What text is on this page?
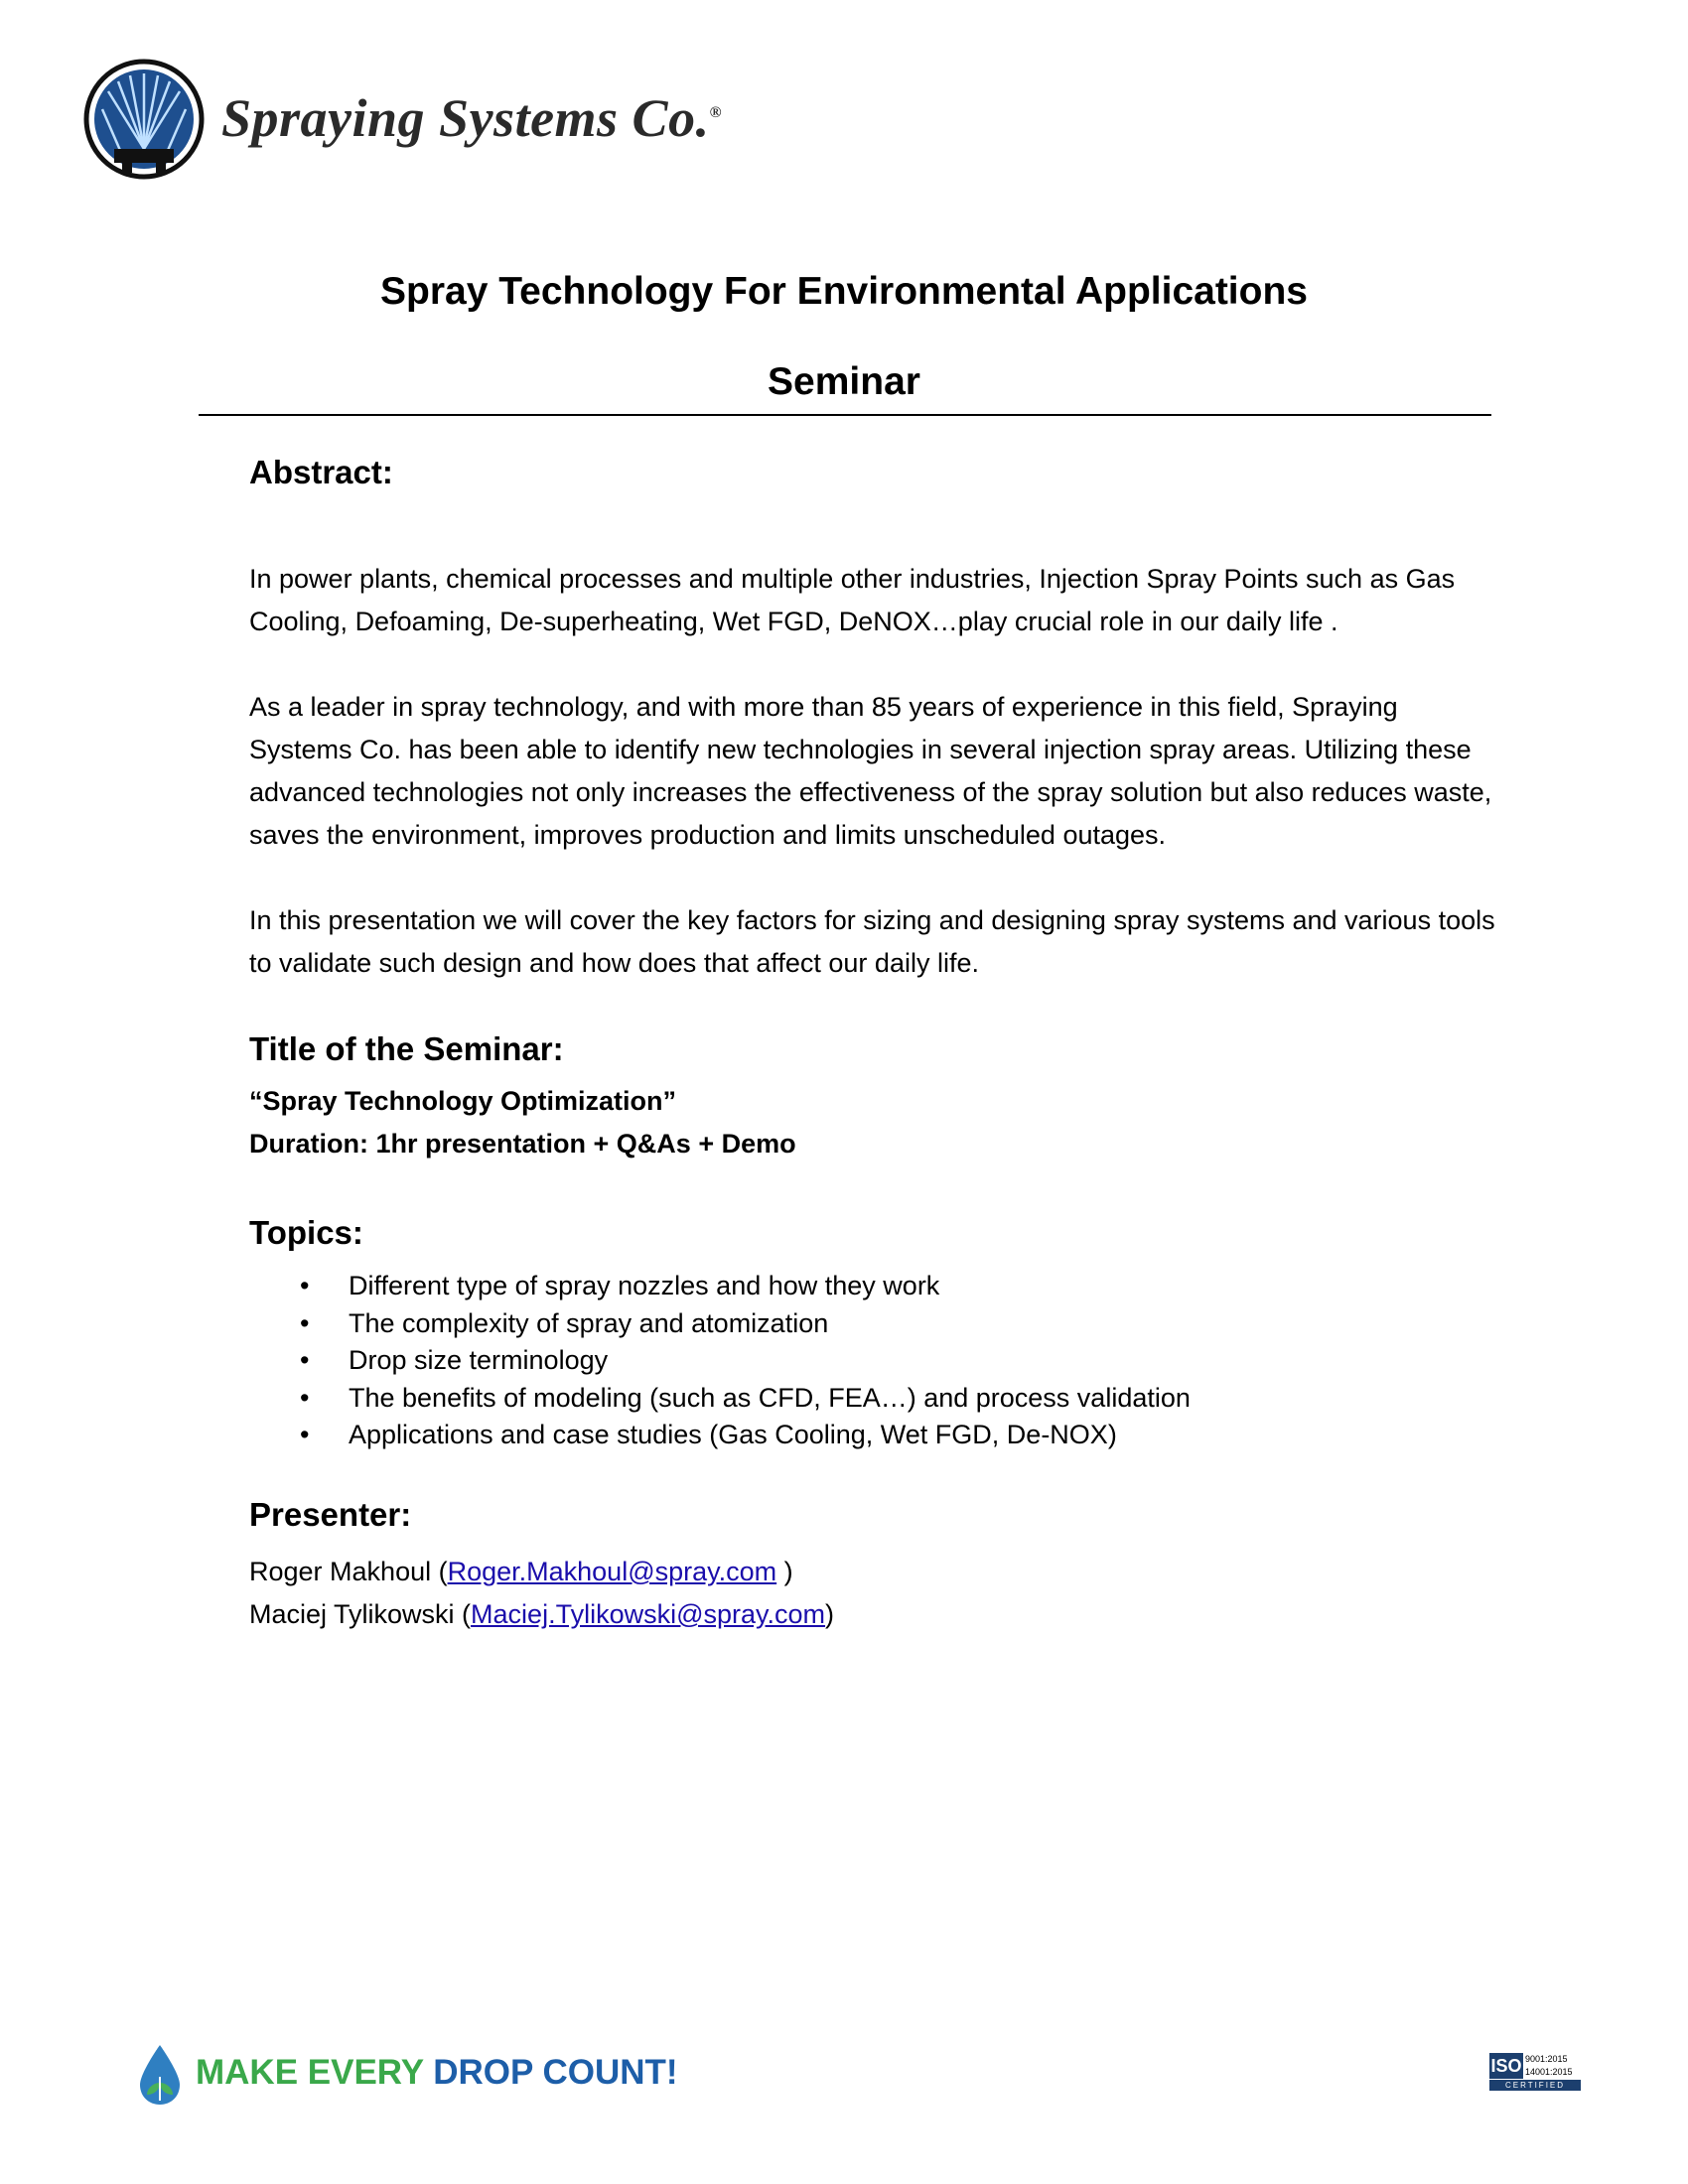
Spraying Systems Co.®
Spray Technology For Environmental Applications
Seminar
Abstract:
In power plants, chemical processes and multiple other industries, Injection Spray Points such as Gas Cooling, Defoaming, De-superheating, Wet FGD, DeNOX…play crucial role in our daily life .
As a leader in spray technology, and with more than 85 years of experience in this field, Spraying Systems Co. has been able to identify new technologies in several injection spray areas. Utilizing these advanced technologies not only increases the effectiveness of the spray solution but also reduces waste, saves the environment, improves production and limits unscheduled outages.
In this presentation we will cover the key factors for sizing and designing spray systems and various tools to validate such design and how does that affect our daily life.
Title of the Seminar:
“Spray Technology Optimization”
Duration: 1hr presentation + Q&As + Demo
Topics:
• Different type of spray nozzles and how they work
• The complexity of spray and atomization
• Drop size terminology
• The benefits of modeling (such as CFD, FEA…) and process validation
• Applications and case studies (Gas Cooling, Wet FGD, De-NOX)
Presenter:
Roger Makhoul (Roger.Makhoul@spray.com )
Maciej Tylikowski (Maciej.Tylikowski@spray.com)
MAKE EVERY DROP COUNT!	ISO 9001:2015
14001:2015
CERTIFIED
